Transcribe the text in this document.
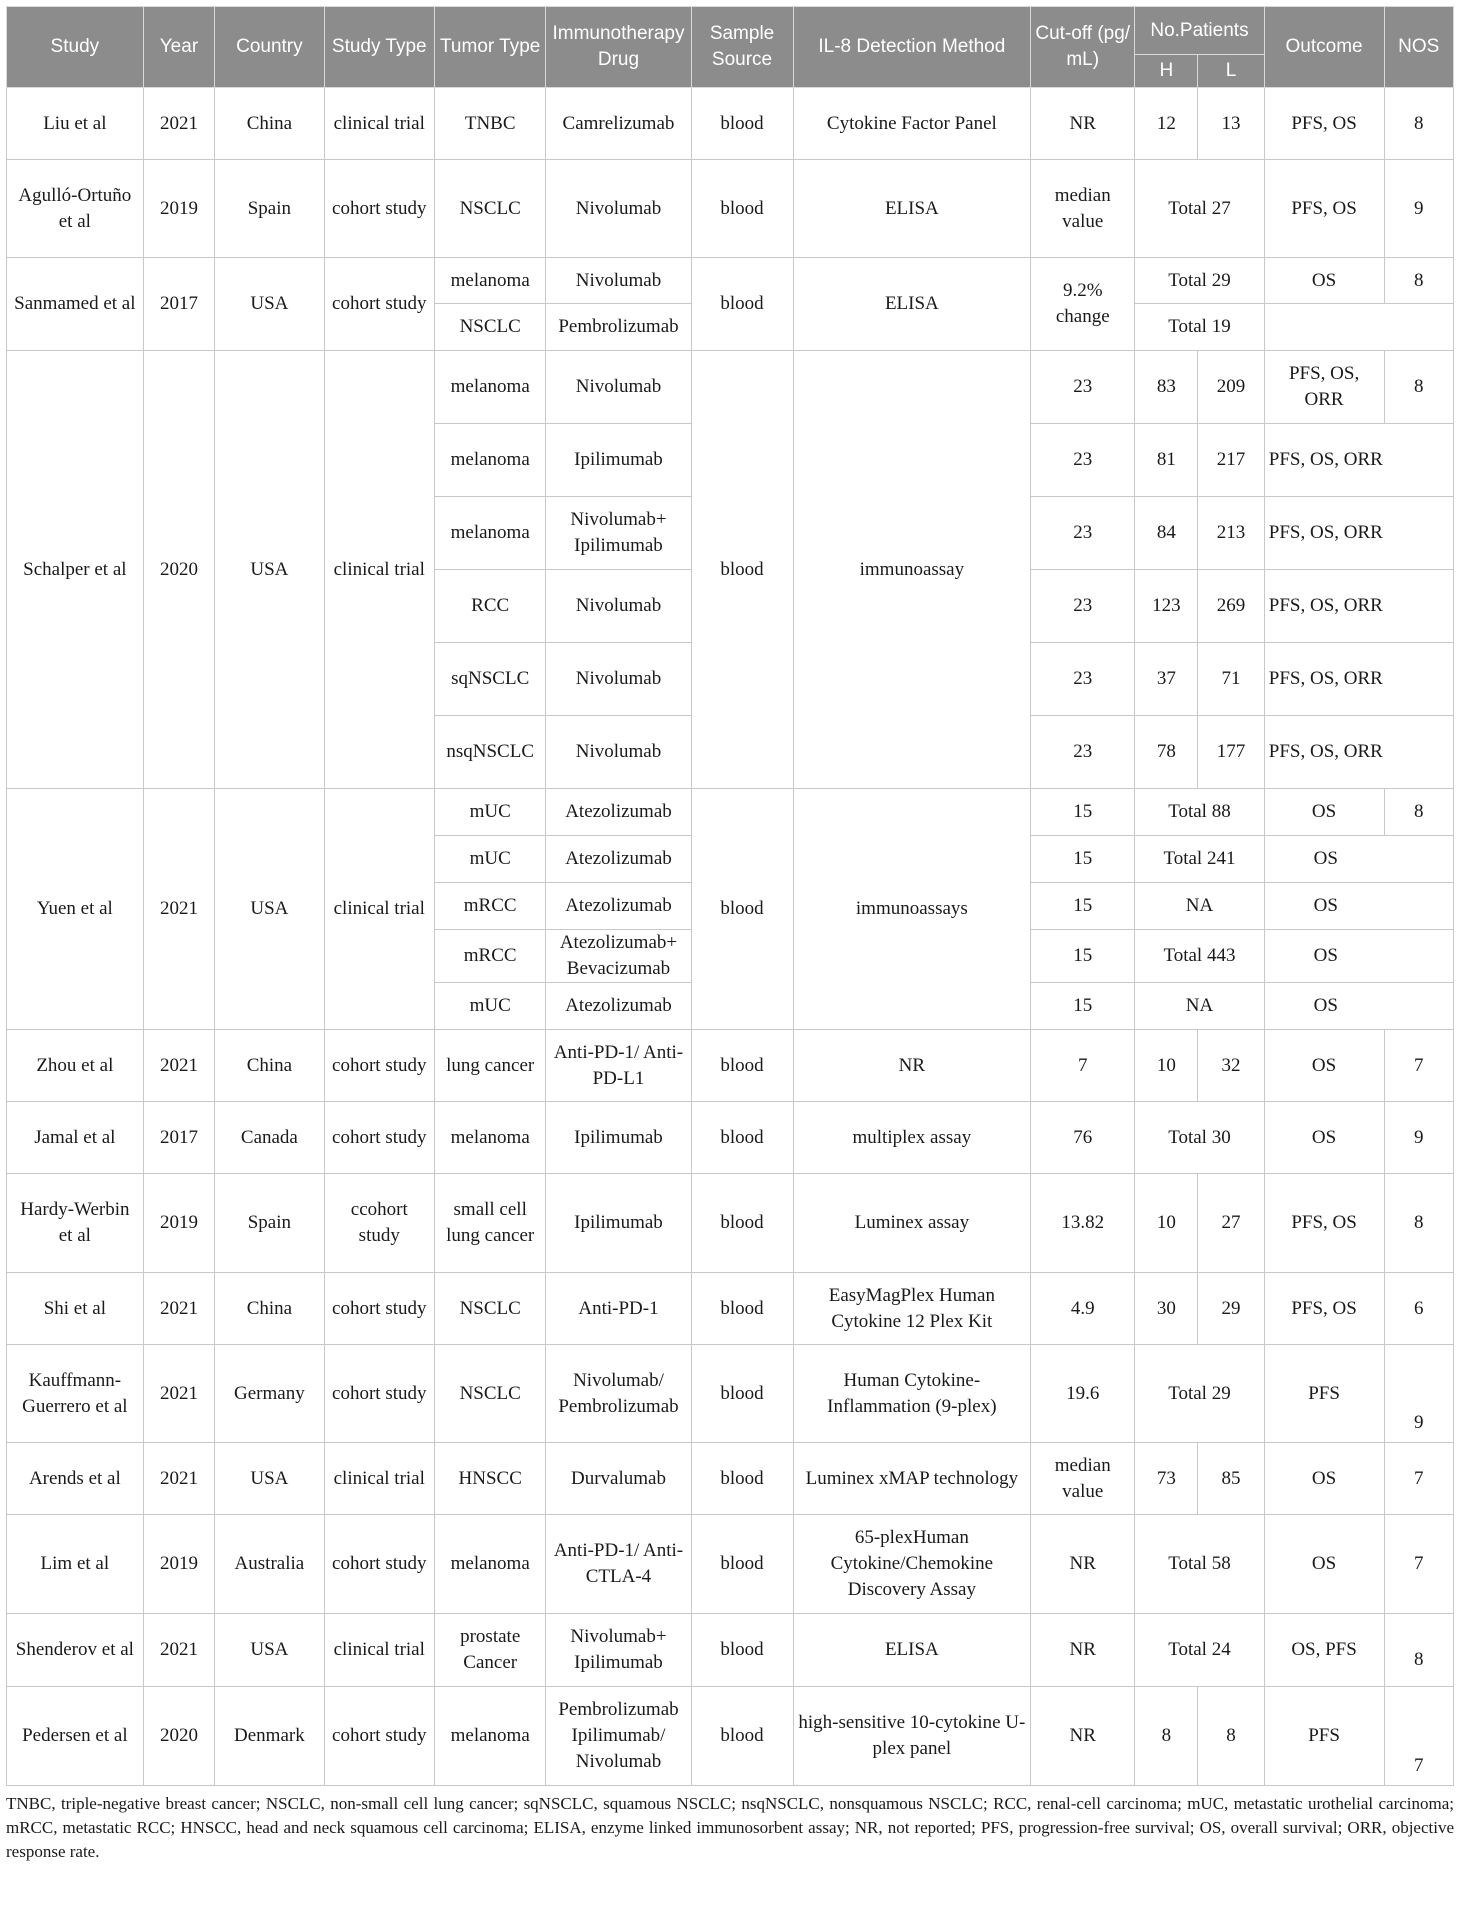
Study	Year	Country	Study Type	Tumor Type	Immunotherapy Drug	Sample Source	IL-8 Detection Method	Cut-off (pg/ mL)	No.Patients		Outcome	NOS
									H	L		
Liu et al	2021	China	clinical trial	TNBC	Camrelizumab	blood	Cytokine Factor Panel	NR	12	13	PFS, OS	8
Agulló-Ortuño et al	2019	Spain	cohort study	NSCLC	Nivolumab	blood	ELISA	median value	Total 27		PFS, OS	9
Sanmamed et al	2017	USA	cohort study	melanoma	Nivolumab	blood	ELISA	9.2% change	Total 29		OS	8
				NSCLC	Pembrolizumab				Total 19			
Schalper et al	2020	USA	clinical trial	melanoma	Nivolumab	blood	immunoassay	23	83	209	PFS, OS, ORR	8
				melanoma	Ipilimumab			23	81	217	PFS, OS, ORR	
				melanoma	Nivolumab+ Ipilimumab			23	84	213	PFS, OS, ORR	
				RCC	Nivolumab			23	123	269	PFS, OS, ORR	
				sqNSCLC	Nivolumab			23	37	71	PFS, OS, ORR	
				nsqNSCLC	Nivolumab			23	78	177	PFS, OS, ORR	
Yuen et al	2021	USA	clinical trial	mUC	Atezolizumab	blood	immunoassays	15	Total 88		OS	8
				mUC	Atezolizumab			15	Total 241		OS	
				mRCC	Atezolizumab			15	NA		OS	
				mRCC	Atezolizumab+ Bevacizumab			15	Total 443		OS	
				mUC	Atezolizumab			15	NA		OS	
Zhou et al	2021	China	cohort study	lung cancer	Anti-PD-1/ Anti-PD-L1	blood	NR	7	10	32	OS	7
Jamal et al	2017	Canada	cohort study	melanoma	Ipilimumab	blood	multiplex assay	76	Total 30		OS	9
Hardy-Werbin et al	2019	Spain	ccohort study	small cell lung cancer	Ipilimumab	blood	Luminex assay	13.82	10	27	PFS, OS	8
Shi et al	2021	China	cohort study	NSCLC	Anti-PD-1	blood	EasyMagPlex Human Cytokine 12 Plex Kit	4.9	30	29	PFS, OS	6
Kauffmann-Guerrero et al	2021	Germany	cohort study	NSCLC	Nivolumab/ Pembrolizumab	blood	Human Cytokine-Inflammation (9-plex)	19.6	Total 29		PFS	9
Arends et al	2021	USA	clinical trial	HNSCC	Durvalumab	blood	Luminex xMAP technology	median value	73	85	OS	7
Lim et al	2019	Australia	cohort study	melanoma	Anti-PD-1/ Anti-CTLA-4	blood	65-plexHuman Cytokine/Chemokine Discovery Assay	NR	Total 58		OS	7
Shenderov et al	2021	USA	clinical trial	prostate Cancer	Nivolumab+ Ipilimumab	blood	ELISA	NR	Total 24		OS, PFS	8
Pedersen et al	2020	Denmark	cohort study	melanoma	Pembrolizumab Ipilimumab/ Nivolumab	blood	high-sensitive 10-cytokine U-plex panel	NR	8	8	PFS	7
TNBC, triple-negative breast cancer; NSCLC, non-small cell lung cancer; sqNSCLC, squamous NSCLC; nsqNSCLC, nonsquamous NSCLC; RCC, renal-cell carcinoma; mUC, metastatic urothelial carcinoma; mRCC, metastatic RCC; HNSCC, head and neck squamous cell carcinoma; ELISA, enzyme linked immunosorbent assay; NR, not reported; PFS, progression-free survival; OS, overall survival; ORR, objective response rate.
